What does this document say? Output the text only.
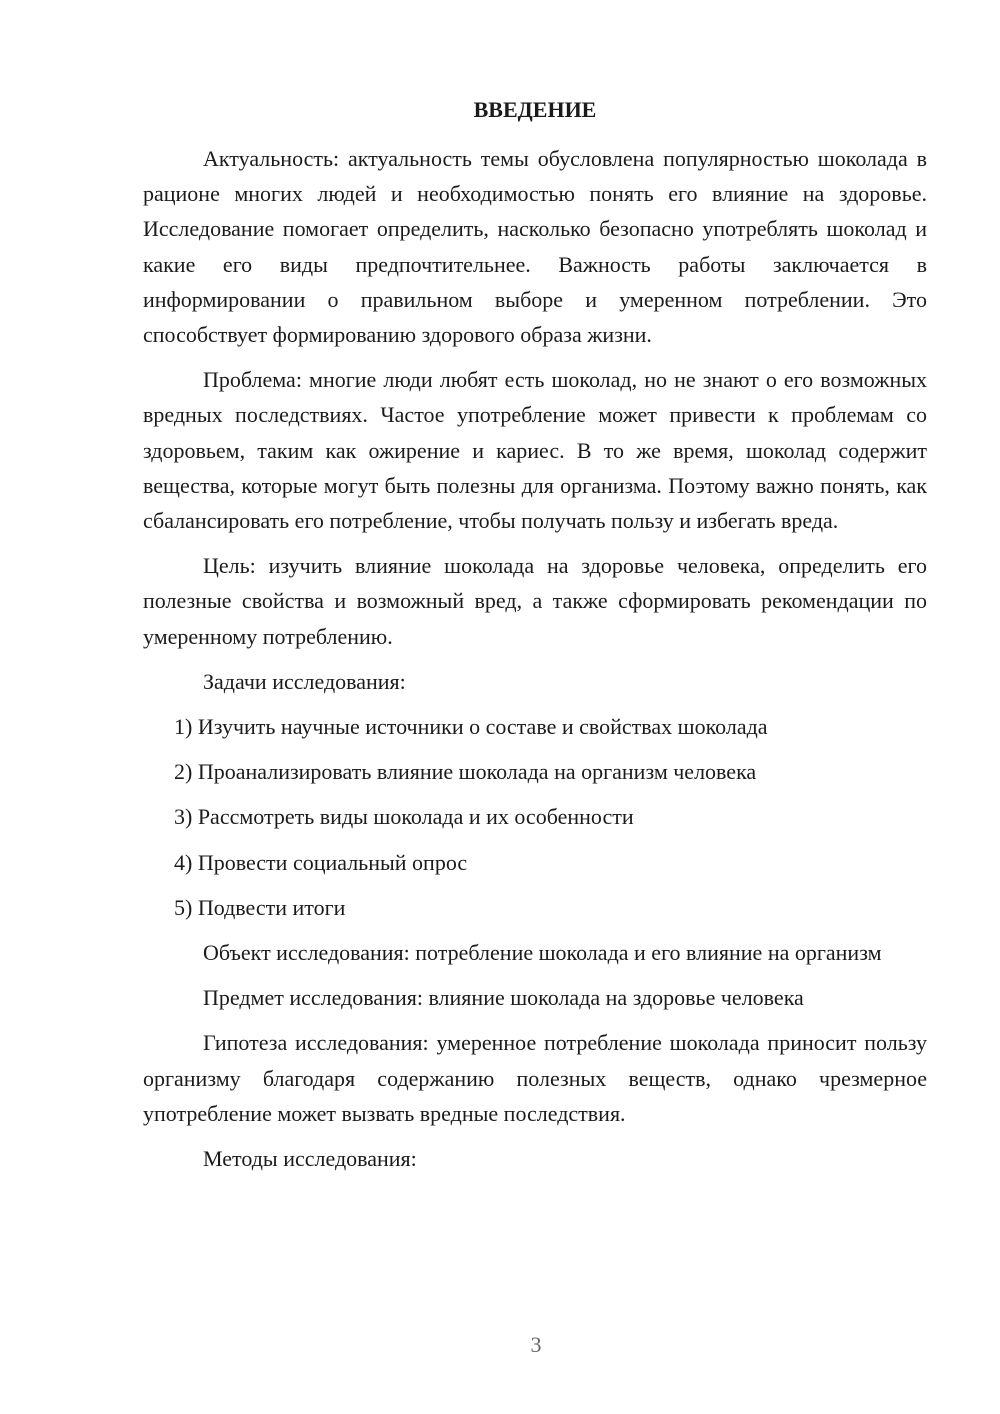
ВВЕДЕНИЕ

Актуальность: актуальность темы обусловлена популярностью шоколада в рационе многих людей и необходимостью понять его влияние на здоровье. Исследование помогает определить, насколько безопасно употреблять шоколад и какие его виды предпочтительнее. Важность работы заключается в информировании о правильном выборе и умеренном потреблении. Это способствует формированию здорового образа жизни.

Проблема: многие люди любят есть шоколад, но не знают о его возможных вредных последствиях. Частое употребление может привести к проблемам со здоровьем, таким как ожирение и кариес. В то же время, шоколад содержит вещества, которые могут быть полезны для организма. Поэтому важно понять, как сбалансировать его потребление, чтобы получать пользу и избегать вреда.

Цель: изучить влияние шоколада на здоровье человека, определить его полезные свойства и возможный вред, а также сформировать рекомендации по умеренному потреблению.

Задачи исследования:

1) Изучить научные источники о составе и свойствах шоколада
2) Проанализировать влияние шоколада на организм человека
3) Рассмотреть виды шоколада и их особенности
4) Провести социальный опрос
5) Подвести итоги

Объект исследования: потребление шоколада и его влияние на организм

Предмет исследования: влияние шоколада на здоровье человека

Гипотеза исследования: умеренное потребление шоколада приносит пользу организму благодаря содержанию полезных веществ, однако чрезмерное употребление может вызвать вредные последствия.

Методы исследования:

3
